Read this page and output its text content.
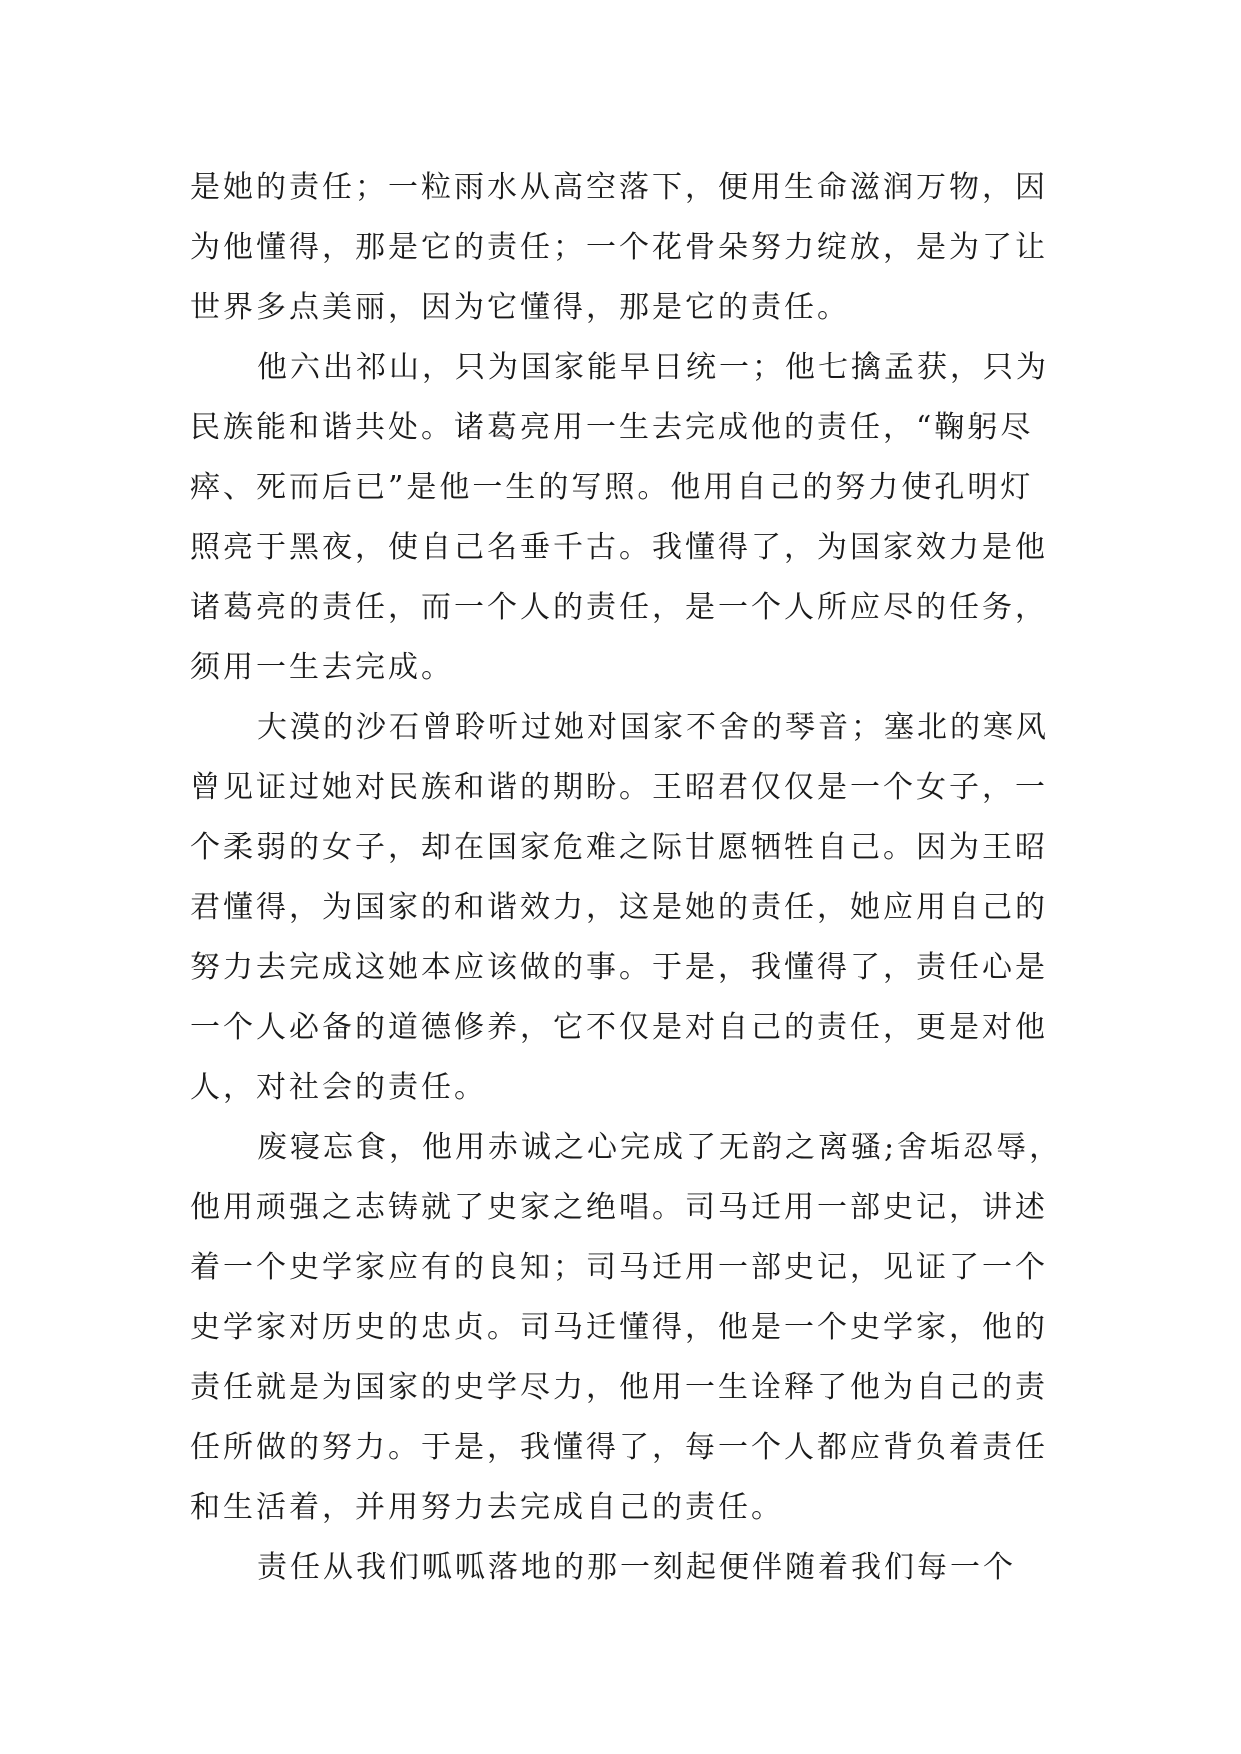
是她的责任；一粒雨水从高空落下，便用生命滋润万物，因
为他懂得，那是它的责任；一个花骨朵努力绽放，是为了让
世界多点美丽，因为它懂得，那是它的责任。
他六出祁山，只为国家能早日统一；他七擒孟获，只为
民族能和谐共处。诸葛亮用一生去完成他的责任，“鞠躬尽
瘁、死而后已”是他一生的写照。他用自己的努力使孔明灯
照亮于黑夜，使自己名垂千古。我懂得了，为国家效力是他
诸葛亮的责任，而一个人的责任，是一个人所应尽的任务，
须用一生去完成。
大漠的沙石曾聆听过她对国家不舍的琴音；塞北的寒风
曾见证过她对民族和谐的期盼。王昭君仅仅是一个女子，一
个柔弱的女子，却在国家危难之际甘愿牺牲自己。因为王昭
君懂得，为国家的和谐效力，这是她的责任，她应用自己的
努力去完成这她本应该做的事。于是，我懂得了，责任心是
一个人必备的道德修养，它不仅是对自己的责任，更是对他
人，对社会的责任。
废寝忘食，他用赤诚之心完成了无韵之离骚;舍垢忍辱，
他用顽强之志铸就了史家之绝唱。司马迁用一部史记，讲述
着一个史学家应有的良知；司马迁用一部史记，见证了一个
史学家对历史的忠贞。司马迁懂得，他是一个史学家，他的
责任就是为国家的史学尽力，他用一生诠释了他为自己的责
任所做的努力。于是，我懂得了，每一个人都应背负着责任
和生活着，并用努力去完成自己的责任。
责任从我们呱呱落地的那一刻起便伴随着我们每一个
